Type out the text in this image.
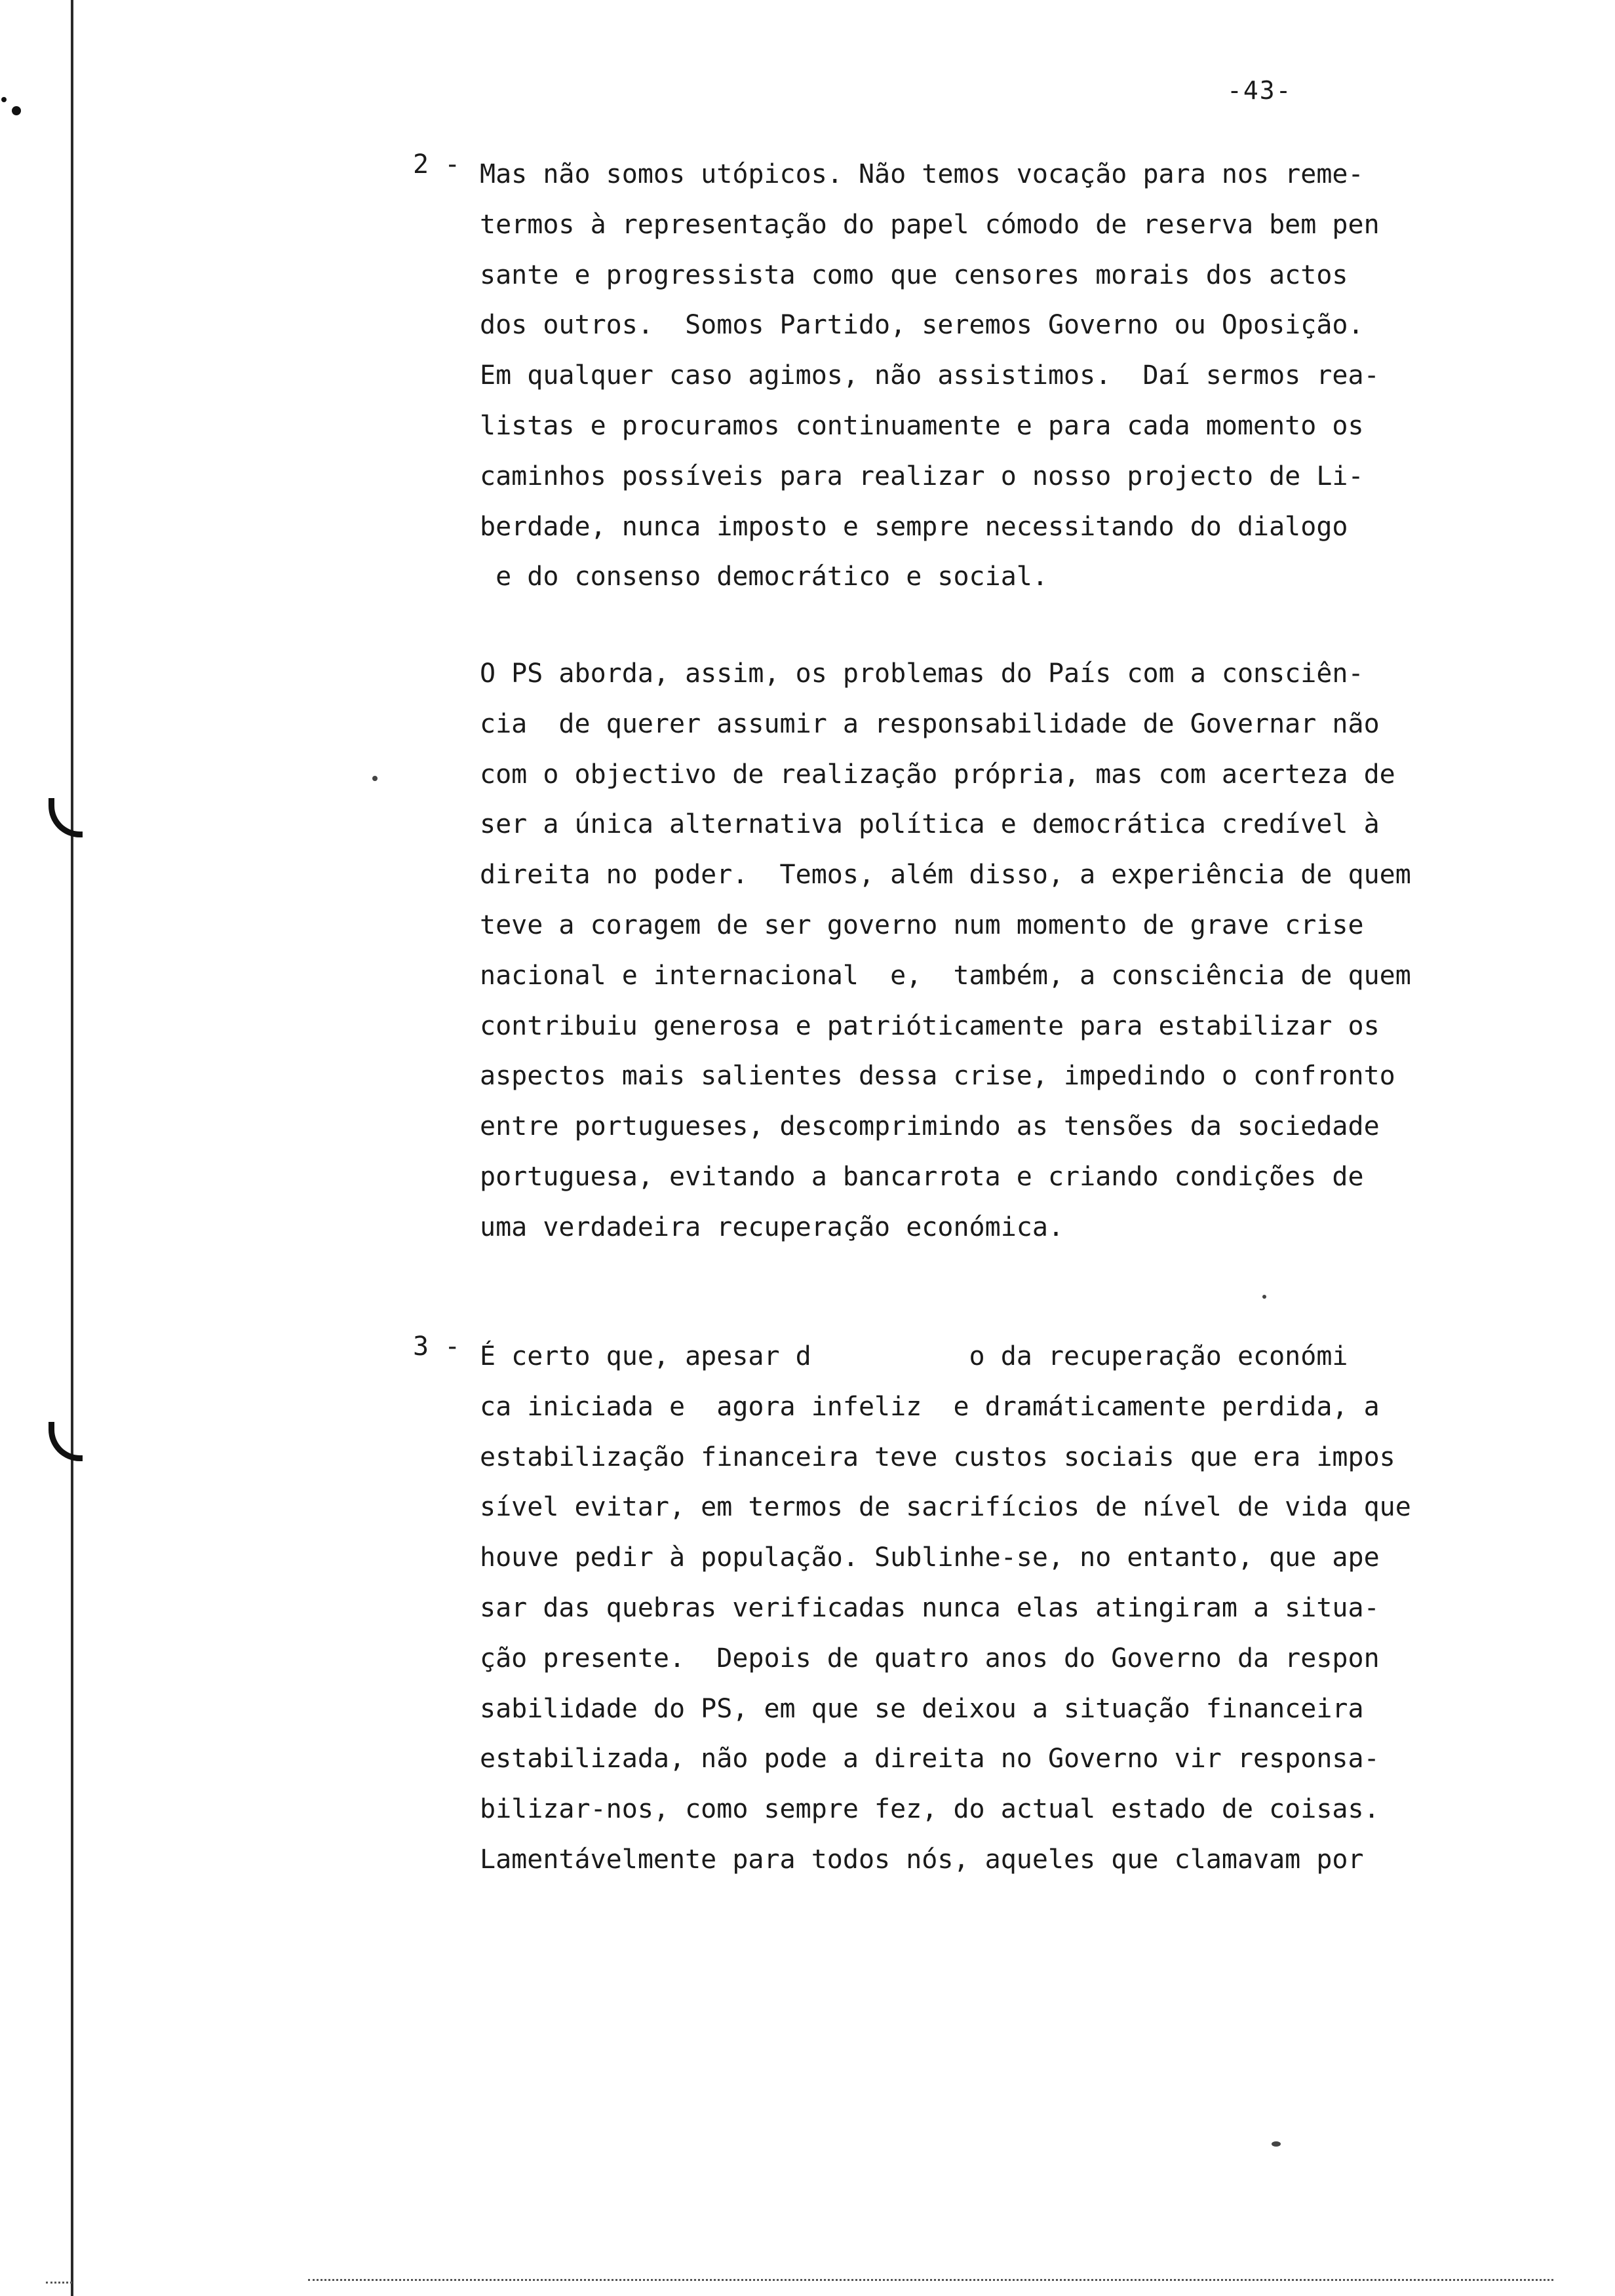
-43-
2 - Mas não somos utópicos. Não temos vocação para nos reme-
termos à representação do papel cómodo de reserva bem pen
sante e progressista como que censores morais dos actos
dos outros.  Somos Partido, seremos Governo ou Oposição.
Em qualquer caso agimos, não assistimos.  Daí sermos rea-
listas e procuramos continuamente e para cada momento os
caminhos possíveis para realizar o nosso projecto de Li-
berdade, nunca imposto e sempre necessitando do dialogo
e do consenso democrático e social.
O PS aborda, assim, os problemas do País com a consciên-
cia  de querer assumir a responsabilidade de Governar não
com o objectivo de realização própria, mas com acerteza de
ser a única alternativa política e democrática credível à
direita no poder.  Temos, além disso, a experiência de quem
teve a coragem de ser governo num momento de grave crise
nacional e internacional  e,  também, a consciência de quem
contribuiu generosa e patrióticamente para estabilizar os
aspectos mais salientes dessa crise, impedindo o confronto
entre portugueses, descomprimindo as tensões da sociedade
portuguesa, evitando a bancarrota e criando condições de
uma verdadeira recuperação económica.
3 - É certo que, apesar d          o da recuperação económi
ca iniciada e  agora infeliz  e dramáticamente perdida, a
estabilização financeira teve custos sociais que era impos
sível evitar, em termos de sacrifícios de nível de vida que
houve pedir à população. Sublinhe-se, no entanto, que ape
sar das quebras verificadas nunca elas atingiram a situa-
ção presente.  Depois de quatro anos do Governo da respon
sabilidade do PS, em que se deixou a situação financeira
estabilizada, não pode a direita no Governo vir responsa-
bilizar-nos, como sempre fez, do actual estado de coisas.
Lamentávelmente para todos nós, aqueles que clamavam por
